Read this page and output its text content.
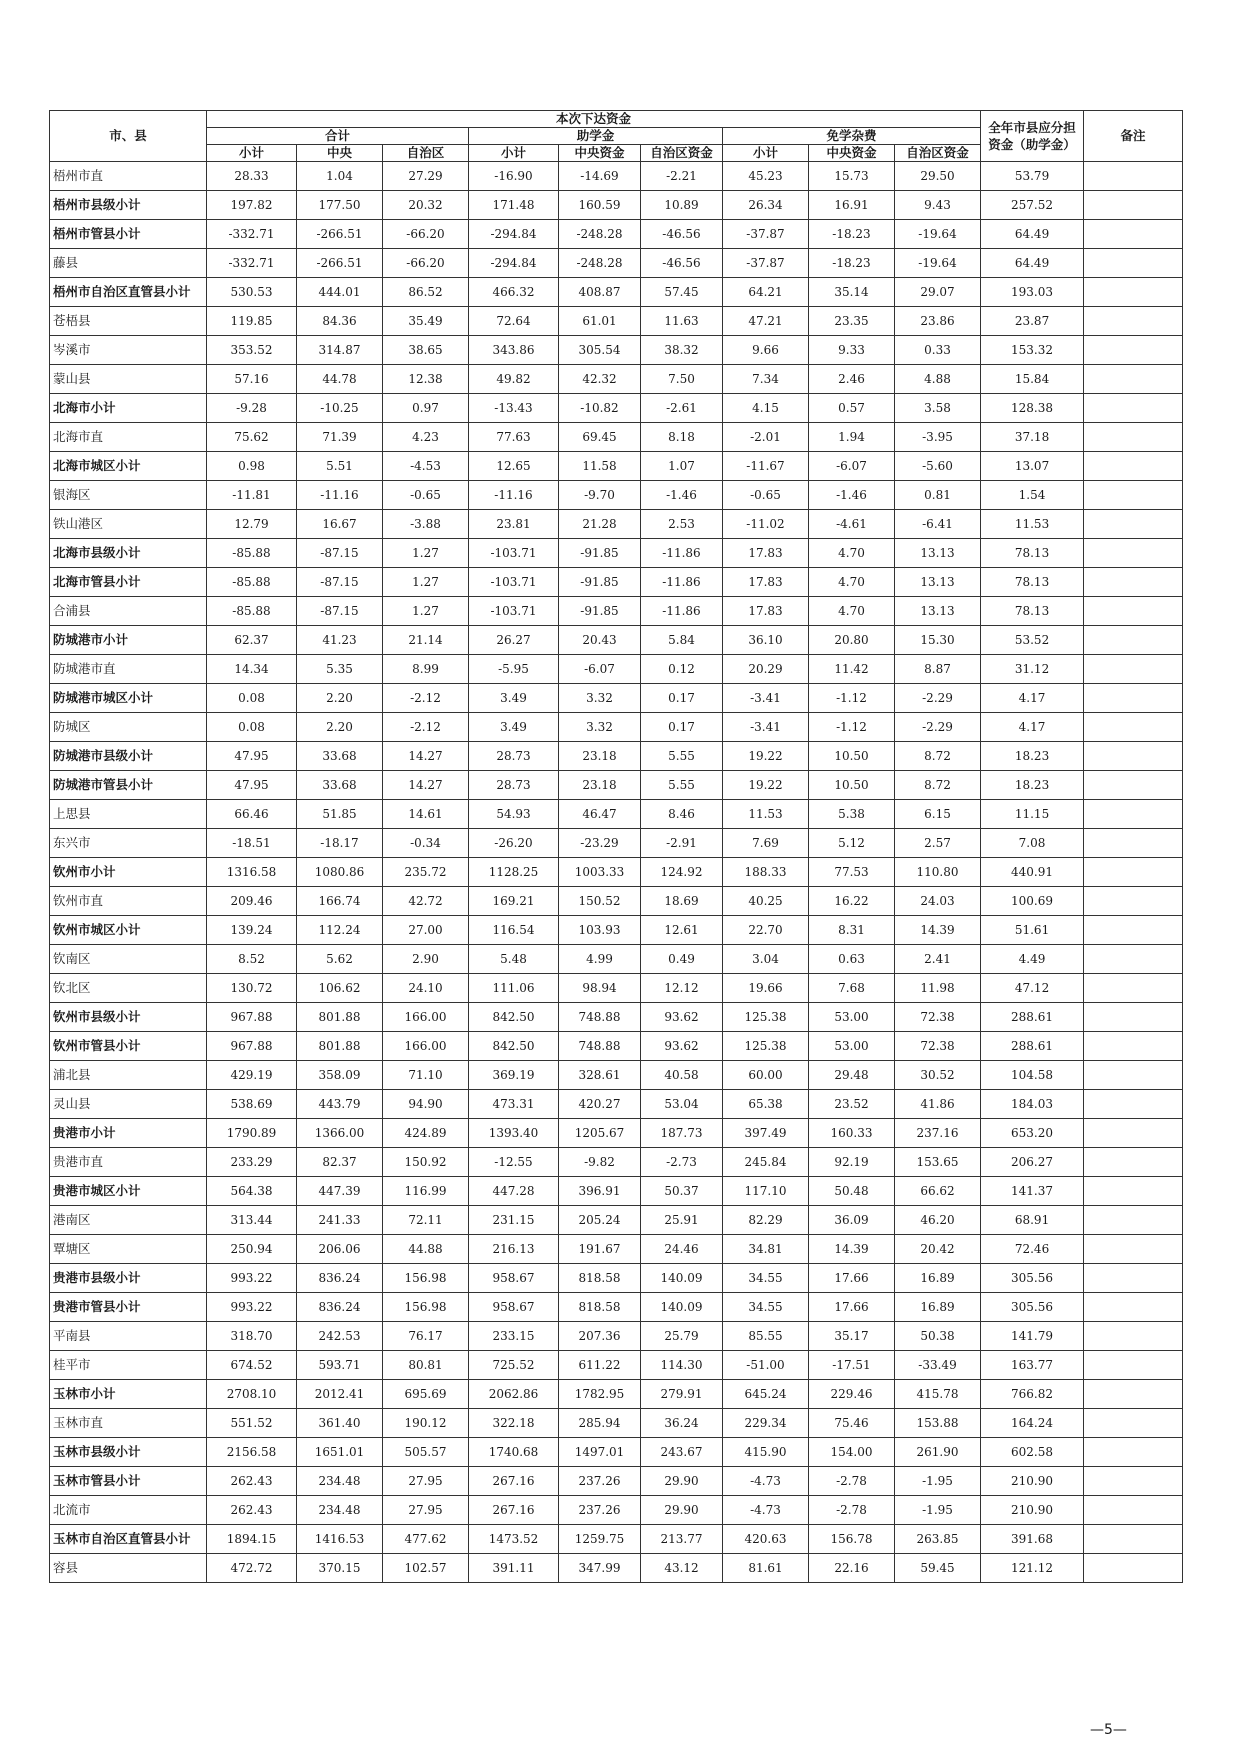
市、县	本次下达资金									全年市县应分担资金（助学金）	备注
	合计			助学金			免学杂费				
	小计	中央	自治区	小计	中央资金	自治区资金	小计	中央资金	自治区资金		
梧州市直	28.33	1.04	27.29	-16.90	-14.69	-2.21	45.23	15.73	29.50	53.79	
梧州市县级小计	197.82	177.50	20.32	171.48	160.59	10.89	26.34	16.91	9.43	257.52	
梧州市管县小计	-332.71	-266.51	-66.20	-294.84	-248.28	-46.56	-37.87	-18.23	-19.64	64.49	
藤县	-332.71	-266.51	-66.20	-294.84	-248.28	-46.56	-37.87	-18.23	-19.64	64.49	
梧州市自治区直管县小计	530.53	444.01	86.52	466.32	408.87	57.45	64.21	35.14	29.07	193.03	
苍梧县	119.85	84.36	35.49	72.64	61.01	11.63	47.21	23.35	23.86	23.87	
岑溪市	353.52	314.87	38.65	343.86	305.54	38.32	9.66	9.33	0.33	153.32	
蒙山县	57.16	44.78	12.38	49.82	42.32	7.50	7.34	2.46	4.88	15.84	
北海市小计	-9.28	-10.25	0.97	-13.43	-10.82	-2.61	4.15	0.57	3.58	128.38	
北海市直	75.62	71.39	4.23	77.63	69.45	8.18	-2.01	1.94	-3.95	37.18	
北海市城区小计	0.98	5.51	-4.53	12.65	11.58	1.07	-11.67	-6.07	-5.60	13.07	
银海区	-11.81	-11.16	-0.65	-11.16	-9.70	-1.46	-0.65	-1.46	0.81	1.54	
铁山港区	12.79	16.67	-3.88	23.81	21.28	2.53	-11.02	-4.61	-6.41	11.53	
北海市县级小计	-85.88	-87.15	1.27	-103.71	-91.85	-11.86	17.83	4.70	13.13	78.13	
北海市管县小计	-85.88	-87.15	1.27	-103.71	-91.85	-11.86	17.83	4.70	13.13	78.13	
合浦县	-85.88	-87.15	1.27	-103.71	-91.85	-11.86	17.83	4.70	13.13	78.13	
防城港市小计	62.37	41.23	21.14	26.27	20.43	5.84	36.10	20.80	15.30	53.52	
防城港市直	14.34	5.35	8.99	-5.95	-6.07	0.12	20.29	11.42	8.87	31.12	
防城港市城区小计	0.08	2.20	-2.12	3.49	3.32	0.17	-3.41	-1.12	-2.29	4.17	
防城区	0.08	2.20	-2.12	3.49	3.32	0.17	-3.41	-1.12	-2.29	4.17	
防城港市县级小计	47.95	33.68	14.27	28.73	23.18	5.55	19.22	10.50	8.72	18.23	
防城港市管县小计	47.95	33.68	14.27	28.73	23.18	5.55	19.22	10.50	8.72	18.23	
上思县	66.46	51.85	14.61	54.93	46.47	8.46	11.53	5.38	6.15	11.15	
东兴市	-18.51	-18.17	-0.34	-26.20	-23.29	-2.91	7.69	5.12	2.57	7.08	
钦州市小计	1316.58	1080.86	235.72	1128.25	1003.33	124.92	188.33	77.53	110.80	440.91	
钦州市直	209.46	166.74	42.72	169.21	150.52	18.69	40.25	16.22	24.03	100.69	
钦州市城区小计	139.24	112.24	27.00	116.54	103.93	12.61	22.70	8.31	14.39	51.61	
钦南区	8.52	5.62	2.90	5.48	4.99	0.49	3.04	0.63	2.41	4.49	
钦北区	130.72	106.62	24.10	111.06	98.94	12.12	19.66	7.68	11.98	47.12	
钦州市县级小计	967.88	801.88	166.00	842.50	748.88	93.62	125.38	53.00	72.38	288.61	
钦州市管县小计	967.88	801.88	166.00	842.50	748.88	93.62	125.38	53.00	72.38	288.61	
浦北县	429.19	358.09	71.10	369.19	328.61	40.58	60.00	29.48	30.52	104.58	
灵山县	538.69	443.79	94.90	473.31	420.27	53.04	65.38	23.52	41.86	184.03	
贵港市小计	1790.89	1366.00	424.89	1393.40	1205.67	187.73	397.49	160.33	237.16	653.20	
贵港市直	233.29	82.37	150.92	-12.55	-9.82	-2.73	245.84	92.19	153.65	206.27	
贵港市城区小计	564.38	447.39	116.99	447.28	396.91	50.37	117.10	50.48	66.62	141.37	
港南区	313.44	241.33	72.11	231.15	205.24	25.91	82.29	36.09	46.20	68.91	
覃塘区	250.94	206.06	44.88	216.13	191.67	24.46	34.81	14.39	20.42	72.46	
贵港市县级小计	993.22	836.24	156.98	958.67	818.58	140.09	34.55	17.66	16.89	305.56	
贵港市管县小计	993.22	836.24	156.98	958.67	818.58	140.09	34.55	17.66	16.89	305.56	
平南县	318.70	242.53	76.17	233.15	207.36	25.79	85.55	35.17	50.38	141.79	
桂平市	674.52	593.71	80.81	725.52	611.22	114.30	-51.00	-17.51	-33.49	163.77	
玉林市小计	2708.10	2012.41	695.69	2062.86	1782.95	279.91	645.24	229.46	415.78	766.82	
玉林市直	551.52	361.40	190.12	322.18	285.94	36.24	229.34	75.46	153.88	164.24	
玉林市县级小计	2156.58	1651.01	505.57	1740.68	1497.01	243.67	415.90	154.00	261.90	602.58	
玉林市管县小计	262.43	234.48	27.95	267.16	237.26	29.90	-4.73	-2.78	-1.95	210.90	
北流市	262.43	234.48	27.95	267.16	237.26	29.90	-4.73	-2.78	-1.95	210.90	
玉林市自治区直管县小计	1894.15	1416.53	477.62	1473.52	1259.75	213.77	420.63	156.78	263.85	391.68	
容县	472.72	370.15	102.57	391.11	347.99	43.12	81.61	22.16	59.45	121.12	
—5—
